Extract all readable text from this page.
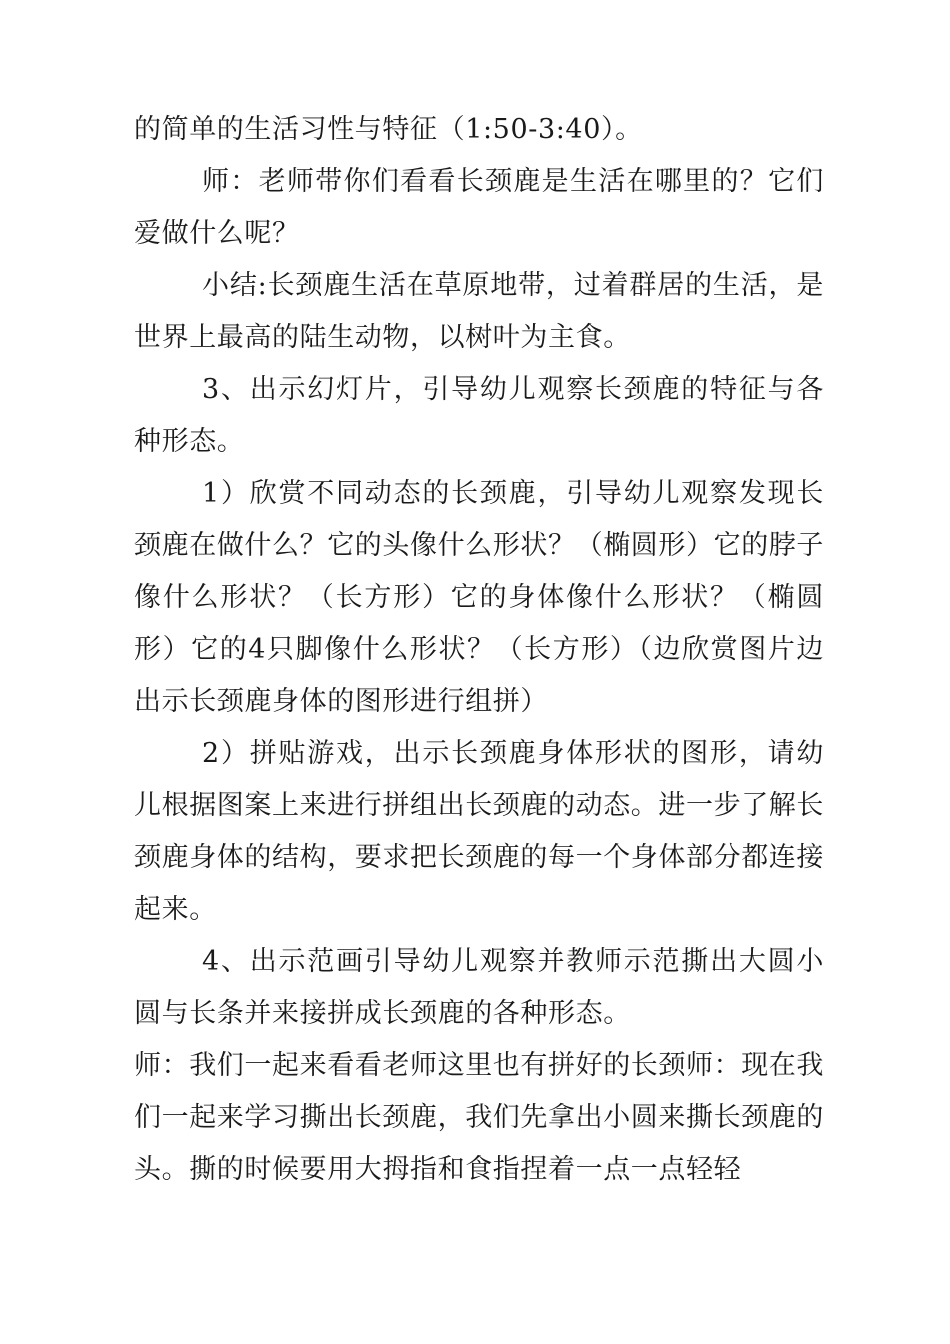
的简单的生活习性与特征（1:50-3:40）。

师：老师带你们看看长颈鹿是生活在哪里的？它们爱做什么呢？

小结:长颈鹿生活在草原地带，过着群居的生活，是世界上最高的陆生动物，以树叶为主食。

3、出示幻灯片，引导幼儿观察长颈鹿的特征与各种形态。

1）欣赏不同动态的长颈鹿，引导幼儿观察发现长颈鹿在做什么？它的头像什么形状？（椭圆形）它的脖子像什么形状？（长方形）它的身体像什么形状？（椭圆形）它的4只脚像什么形状？（长方形）（边欣赏图片边出示长颈鹿身体的图形进行组拼）

2）拼贴游戏，出示长颈鹿身体形状的图形，请幼儿根据图案上来进行拼组出长颈鹿的动态。进一步了解长颈鹿身体的结构，要求把长颈鹿的每一个身体部分都连接起来。

4、出示范画引导幼儿观察并教师示范撕出大圆小圆与长条并来接拼成长颈鹿的各种形态。

师：我们一起来看看老师这里也有拼好的长颈师：现在我们一起来学习撕出长颈鹿，我们先拿出小圆来撕长颈鹿的头。撕的时候要用大拇指和食指捏着一点一点轻轻
